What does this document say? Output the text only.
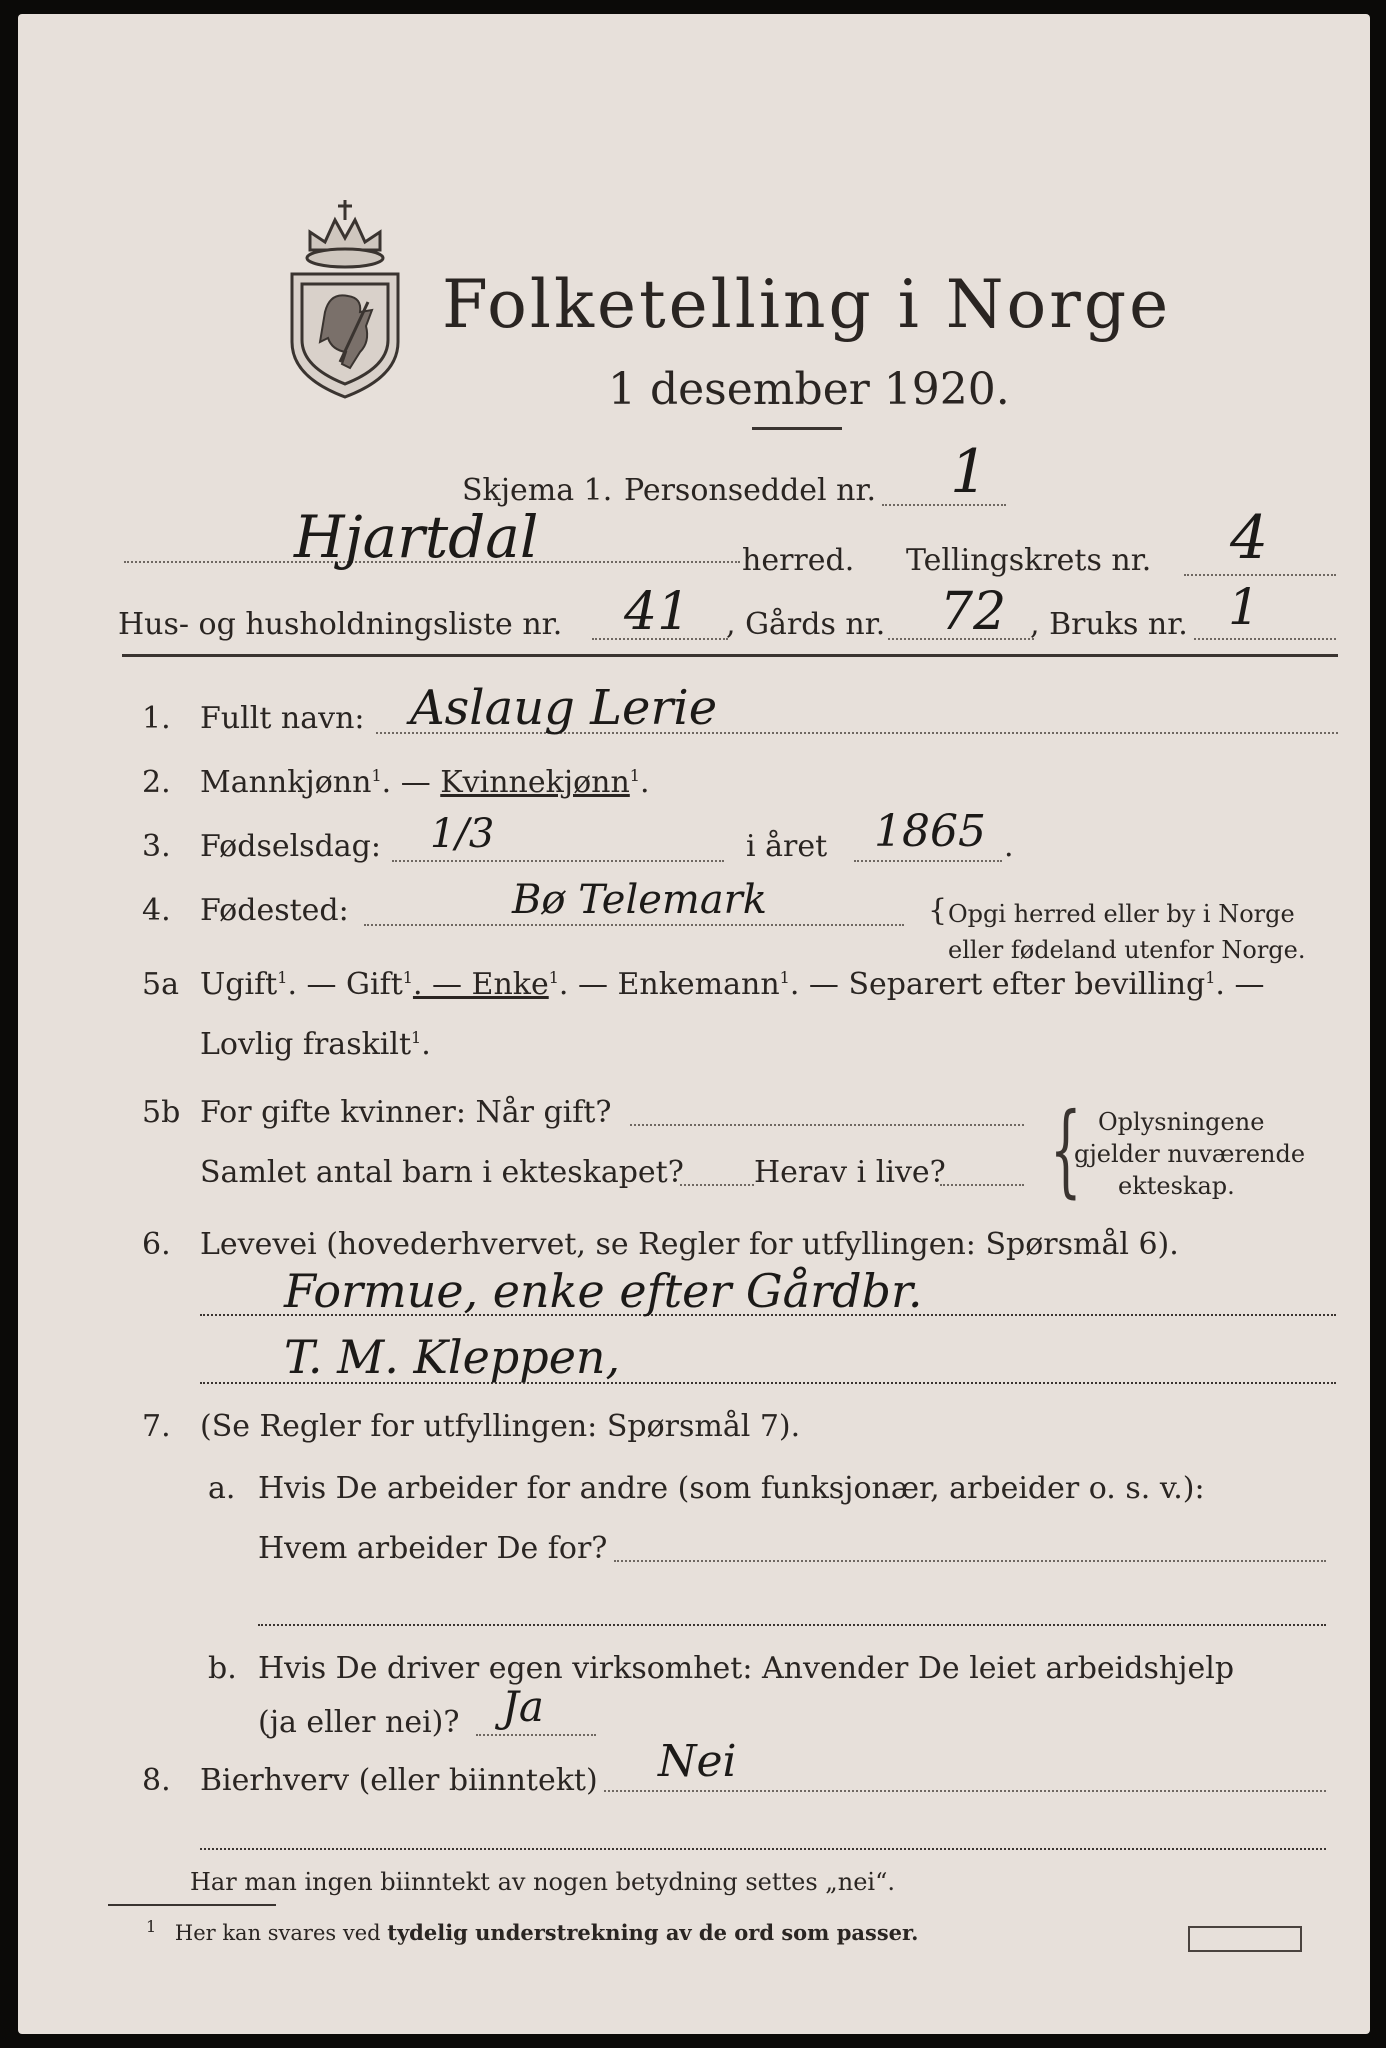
Folketelling i Norge
1 desember 1920.
Skjema 1. Personseddel nr. 1
Hjartdal	herred. Tellingskrets nr. 4
Hus- og husholdningsliste nr. 41 , Gårds nr. 72 , Bruks nr. 1
1. Fullt navn: Aslaug Lerie
2. Mannkjønn$^1$. — Kvinnekjønn$^1$.
3. Fødselsdag: 1/3	i året 1865 .
4. Fødested:	Bø Telemark	Opgi herred eller by i Norge
eller fødeland utenfor Norge.
{
5a Ugift$^1$. — Gift$^1$. — Enke$^1$. — Enkemann$^1$. — Separert efter bevilling$^1$. —
Lovlig fraskilt$^1$.
5b For gifte kvinner: Når gift?
Samlet antal barn i ekteskapet? Herav i live? { Oplysningene
gjelder nuværende
ekteskap.
6. Levevei (hovederhvervet, se Regler for utfyllingen: Spørsmål 6).
Formue, enke efter Gårdbr.
T. M. Kleppen,
7. (Se Regler for utfyllingen: Spørsmål 7).
a. Hvis De arbeider for andre (som funksjonær, arbeider o. s. v.):
Hvem arbeider De for?
b. Hvis De driver egen virksomhet: Anvender De leiet arbeidshjelp
(ja eller nei)? Ja
8. Bierhverv (eller biinntekt) Nei
Har man ingen biinntekt av nogen betydning settes „nei“.
$^1$ Her kan svares ved tydelig understrekning av de ord som passer.
